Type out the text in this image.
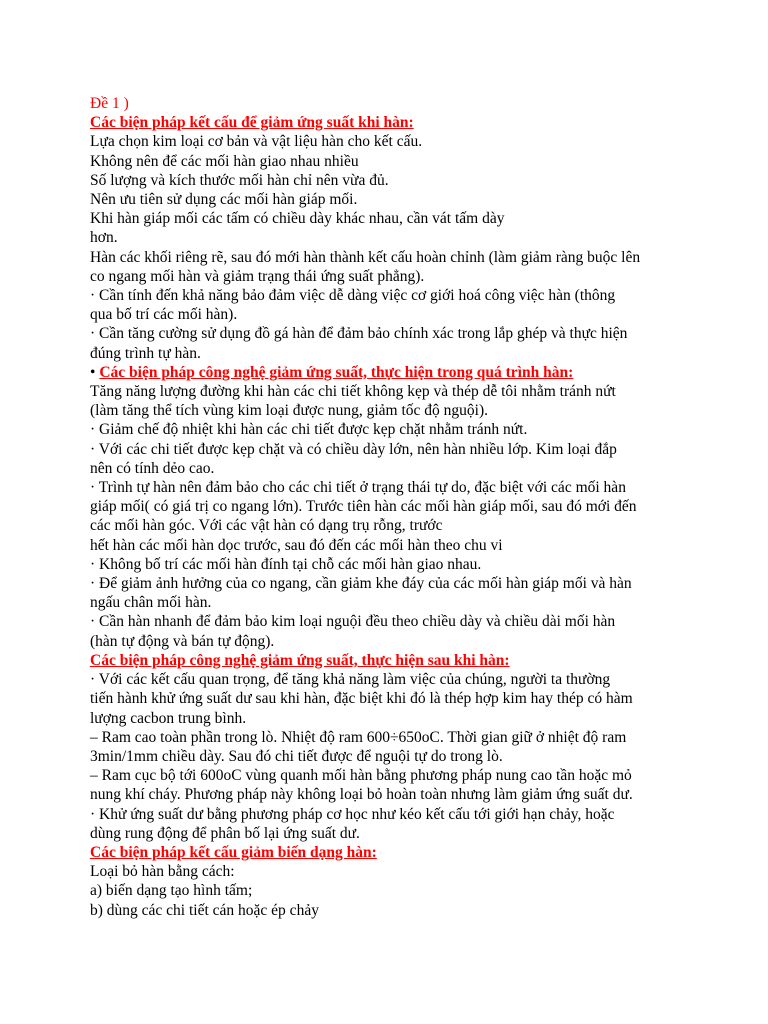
Đề 1 )
Các biện pháp kết cấu để giảm ứng suất khi hàn:
Lựa chọn kim loại cơ bản và vật liệu hàn cho kết cấu.
Không nên để các mối hàn giao nhau nhiều
Số lượng và kích thước mối hàn chỉ nên vừa đủ.
Nên ưu tiên sử dụng các mối hàn giáp mối.
Khi hàn giáp mối các tấm có chiều dày khác nhau, cần vát tấm dày
hơn.
Hàn các khối riêng rẽ, sau đó mới hàn thành kết cấu hoàn chỉnh (làm giảm ràng buộc lên
co ngang mối hàn và giảm trạng thái ứng suất phẳng).
· Cần tính đến khả năng bảo đảm việc dễ dàng việc cơ giới hoá công việc hàn (thông
qua bố trí các mối hàn).
· Cần tăng cường sử dụng đồ gá hàn để đảm bảo chính xác trong lắp ghép và thực hiện
đúng trình tự hàn.
• Các biện pháp công nghệ giảm ứng suất, thực hiện trong quá trình hàn:
Tăng năng lượng đường khi hàn các chi tiết không kẹp và thép dễ tôi nhằm tránh nứt
(làm tăng thể tích vùng kim loại được nung, giảm tốc độ nguội).
· Giảm chế độ nhiệt khi hàn các chi tiết được kẹp chặt nhằm tránh nứt.
· Với các chi tiết được kẹp chặt và có chiều dày lớn, nên hàn nhiều lớp. Kim loại đắp
nên có tính dẻo cao.
· Trình tự hàn nên đảm bảo cho các chi tiết ở trạng thái tự do, đặc biệt với các mối hàn
giáp mối( có giá trị co ngang lớn). Trước tiên hàn các mối hàn giáp mối, sau đó mới đến
các mối hàn góc. Với các vật hàn có dạng trụ rỗng, trước
hết hàn các mối hàn dọc trước, sau đó đến các mối hàn theo chu vi
· Không bố trí các mối hàn đính tại chỗ các mối hàn giao nhau.
· Để giảm ảnh hưởng của co ngang, cần giảm khe đáy của các mối hàn giáp mối và hàn
ngấu chân mối hàn.
· Cần hàn nhanh để đảm bảo kim loại nguội đều theo chiều dày và chiều dài mối hàn
(hàn tự động và bán tự động).
Các biện pháp công nghệ giảm ứng suất, thực hiện sau khi hàn:
· Với các kết cấu quan trọng, để tăng khả năng làm việc của chúng, người ta thường
tiến hành khử ứng suất dư sau khi hàn, đặc biệt khi đó là thép hợp kim hay thép có hàm
lượng cacbon trung bình.
– Ram cao toàn phần trong lò. Nhiệt độ ram 600÷650oC. Thời gian giữ ở nhiệt độ ram
3min/1mm chiều dày. Sau đó chi tiết được để nguội tự do trong lò.
– Ram cục bộ tới 600oC vùng quanh mối hàn bằng phương pháp nung cao tần hoặc mỏ
nung khí cháy. Phương pháp này không loại bỏ hoàn toàn nhưng làm giảm ứng suất dư.
· Khử ứng suất dư bằng phương pháp cơ học như kéo kết cấu tới giới hạn chảy, hoặc
dùng rung động để phân bố lại ứng suất dư.
Các biện pháp kết cấu giảm biến dạng hàn:
Loại bỏ hàn bằng cách:
a) biến dạng tạo hình tấm;
b) dùng các chi tiết cán hoặc ép chảy
